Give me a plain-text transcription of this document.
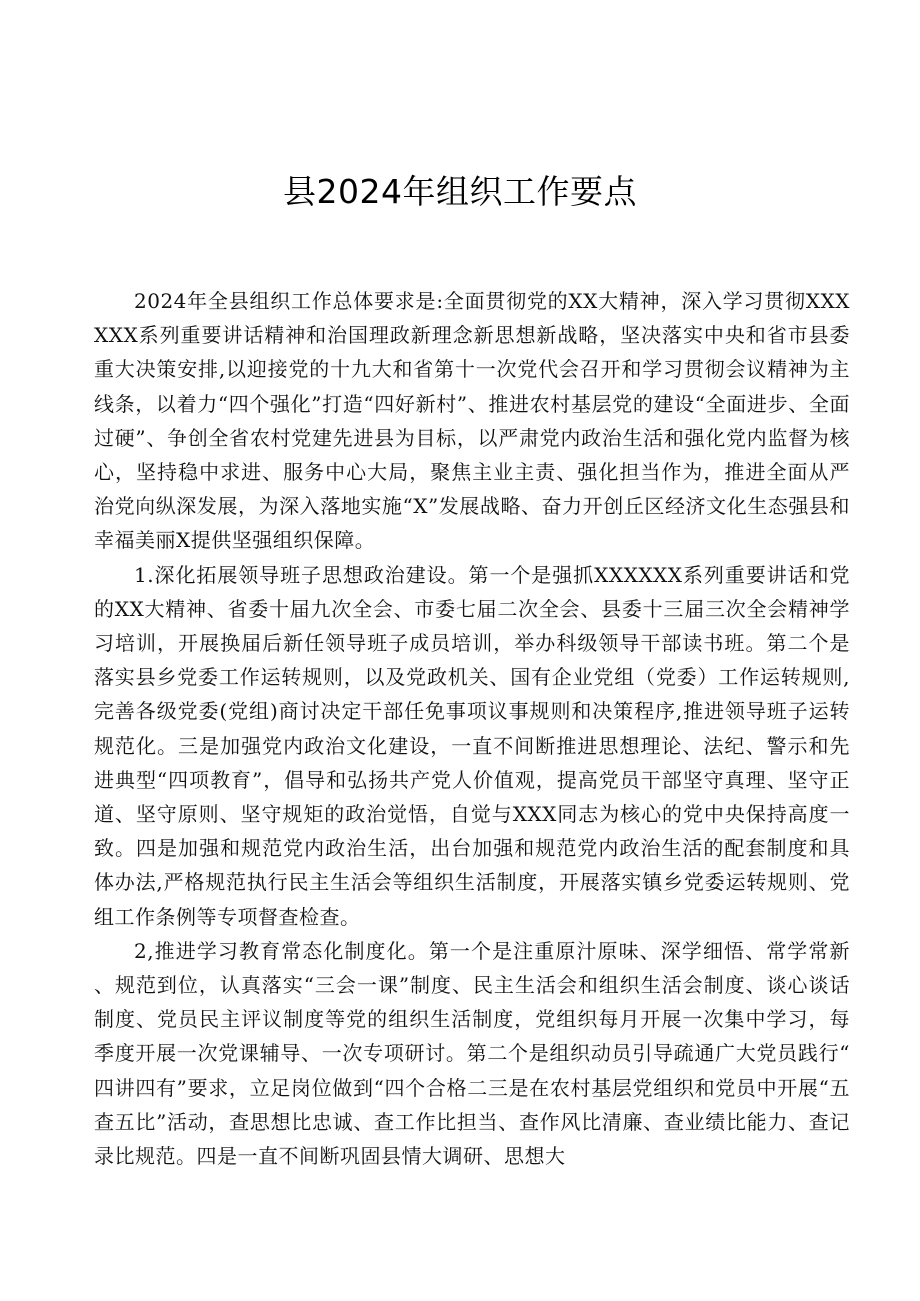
县2024年组织工作要点

2024年全县组织工作总体要求是:全面贯彻党的XX大精神，深入学习贯彻XXXXXX系列重要讲话精神和治国理政新理念新思想新战略，坚决落实中央和省市县委重大决策安排,以迎接党的十九大和省第十一次党代会召开和学习贯彻会议精神为主线条，以着力“四个强化”打造“四好新村”、推进农村基层党的建设“全面进步、全面过硬”、争创全省农村党建先进县为目标，以严肃党内政治生活和强化党内监督为核心，坚持稳中求进、服务中心大局，聚焦主业主责、强化担当作为，推进全面从严治党向纵深发展，为深入落地实施“X”发展战略、奋力开创丘区经济文化生态强县和幸福美丽X提供坚强组织保障。

1.深化拓展领导班子思想政治建设。第一个是强抓XXXXXX系列重要讲话和党的XX大精神、省委十届九次全会、市委七届二次全会、县委十三届三次全会精神学习培训，开展换届后新任领导班子成员培训，举办科级领导干部读书班。第二个是落实县乡党委工作运转规则，以及党政机关、国有企业党组（党委）工作运转规则,完善各级党委(党组)商讨决定干部任免事项议事规则和决策程序,推进领导班子运转规范化。三是加强党内政治文化建设，一直不间断推进思想理论、法纪、警示和先进典型“四项教育”，倡导和弘扬共产党人价值观，提高党员干部坚守真理、坚守正道、坚守原则、坚守规矩的政治觉悟，自觉与XXX同志为核心的党中央保持高度一致。四是加强和规范党内政治生活，出台加强和规范党内政治生活的配套制度和具体办法,严格规范执行民主生活会等组织生活制度，开展落实镇乡党委运转规则、党组工作条例等专项督查检查。

2,推进学习教育常态化制度化。第一个是注重原汁原味、深学细悟、常学常新、规范到位，认真落实“三会一课”制度、民主生活会和组织生活会制度、谈心谈话制度、党员民主评议制度等党的组织生活制度，党组织每月开展一次集中学习，每季度开展一次党课辅导、一次专项研讨。第二个是组织动员引导疏通广大党员践行“四讲四有”要求，立足岗位做到“四个合格二三是在农村基层党组织和党员中开展“五查五比”活动，查思想比忠诚、查工作比担当、查作风比清廉、查业绩比能力、查记录比规范。四是一直不间断巩固县情大调研、思想大
